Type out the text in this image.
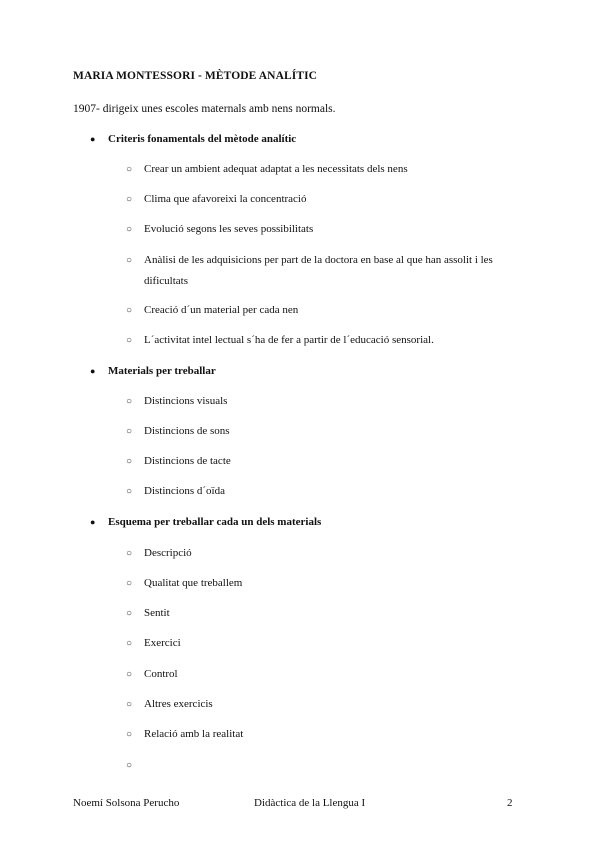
MARIA MONTESSORI - MÈTODE ANALÍTIC
1907- dirigeix unes escoles maternals amb nens normals.
●	Criteris fonamentals del mètode analític
○	Crear un ambient adequat adaptat a les necessitats dels nens
○	Clima que afavoreixi la concentració
○	Evolució segons les seves possibilitats
○	Anàlisi de les adquisicions per part de la doctora en base al que han assolit i les dificultats
○	Creació d´un material per cada nen
○	L´activitat intel lectual s´ha de fer a partir de l´educació sensorial.
●	Materials per treballar
○	Distincions visuals
○	Distincions de sons
○	Distincions de tacte
○	Distincions d´oïda
●	Esquema per treballar cada un dels materials
○	Descripció
○	Qualitat que treballem
○	Sentit
○	Exercici
○	Control
○	Altres exercicis
○	Relació amb la realitat
○
Noemí Solsona Perucho	Didàctica de la Llengua I	2
